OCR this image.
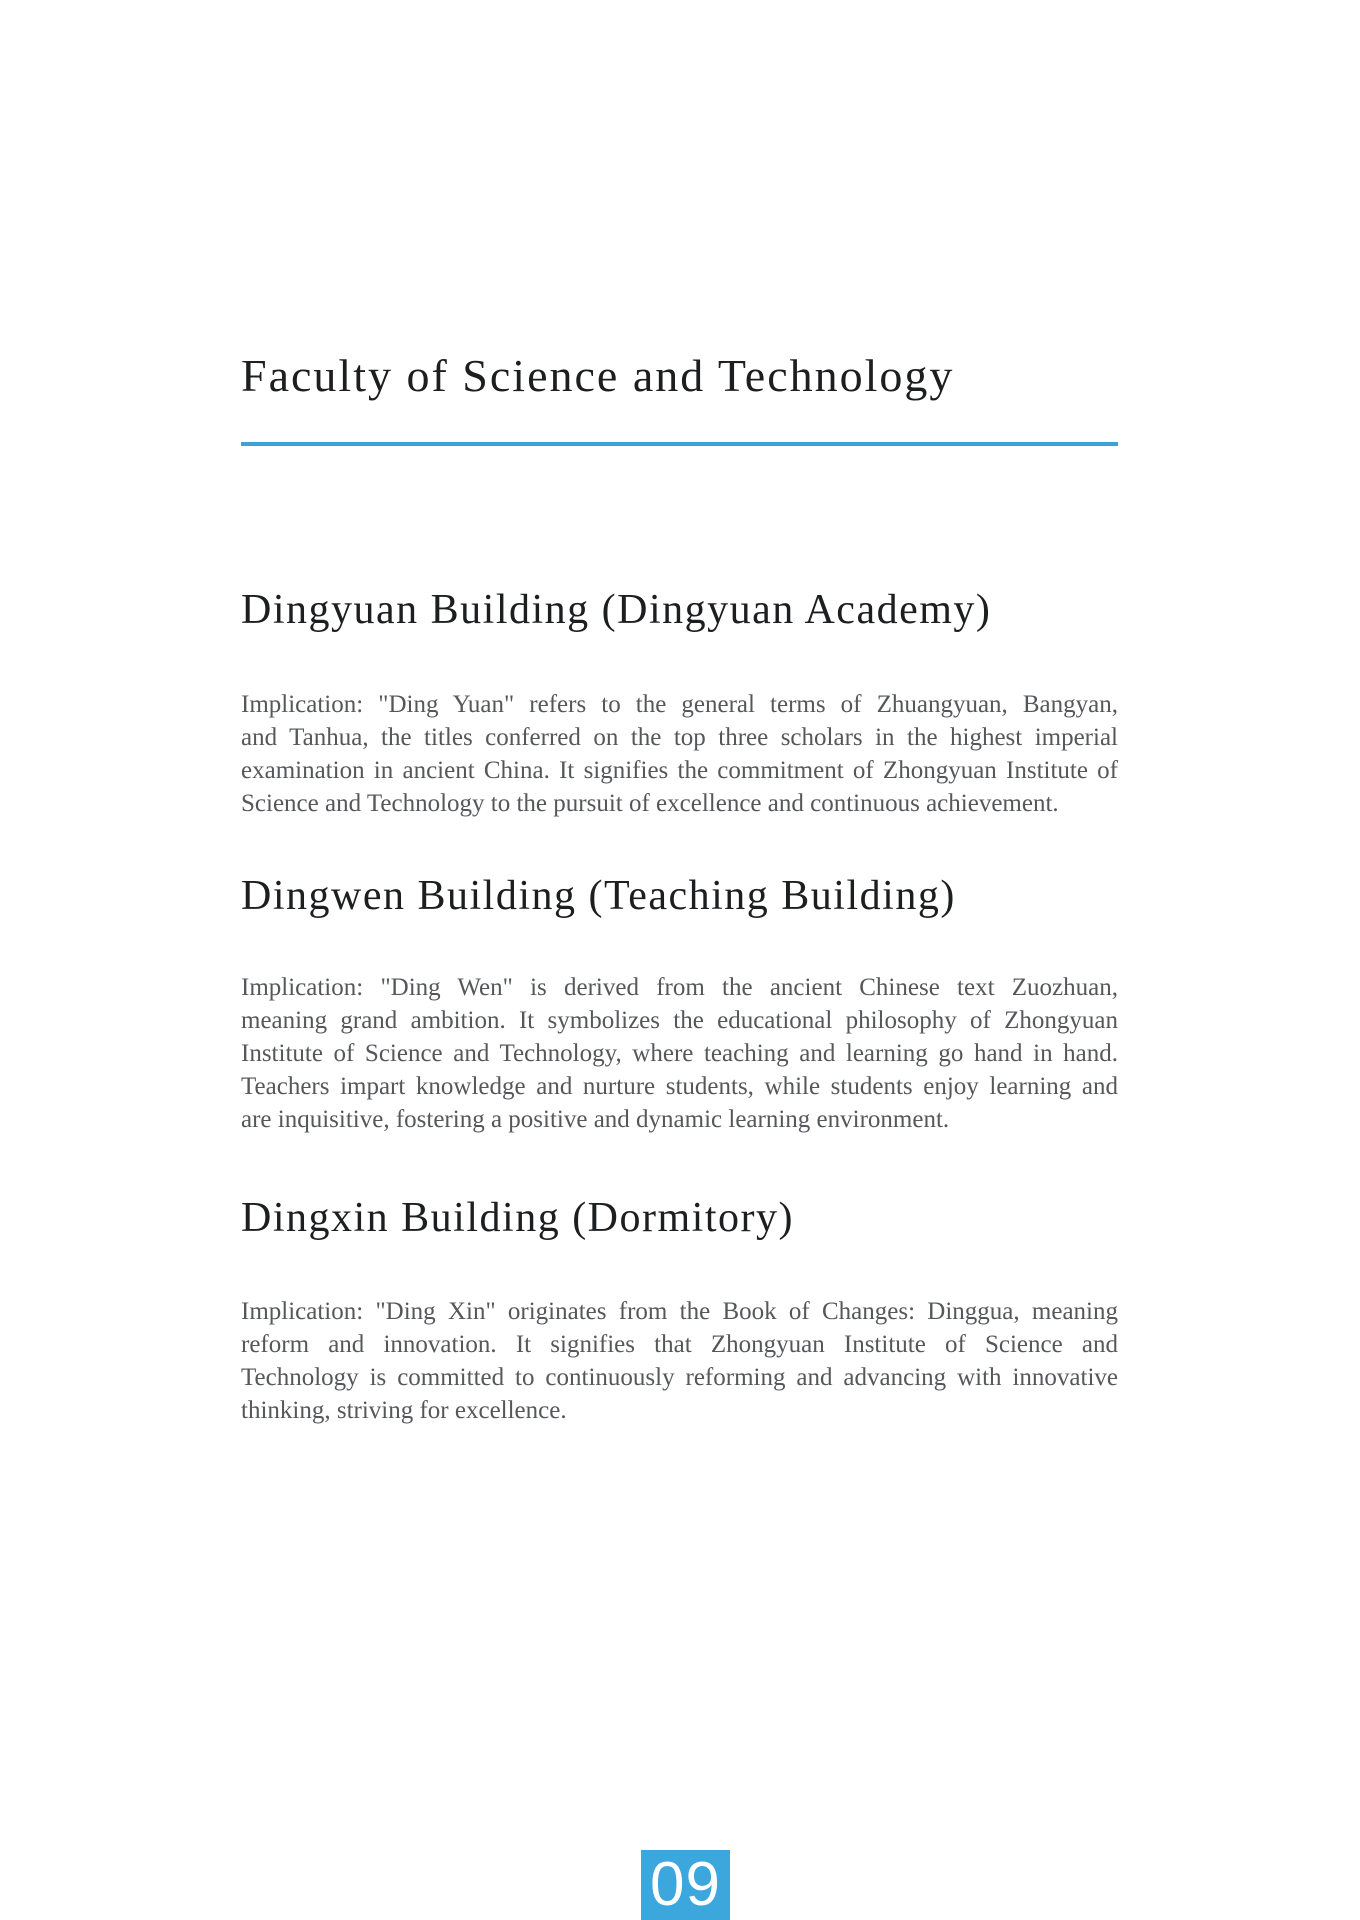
Faculty of Science and Technology
Dingyuan Building (Dingyuan Academy)
Implication: "Ding Yuan" refers to the general terms of Zhuangyuan, Bangyan,
and Tanhua, the titles conferred on the top three scholars in the highest imperial
examination in ancient China. It signifies the commitment of Zhongyuan Institute of
Science and Technology to the pursuit of excellence and continuous achievement.
Dingwen Building (Teaching Building)
Implication: "Ding Wen" is derived from the ancient Chinese text Zuozhuan,
meaning grand ambition. It symbolizes the educational philosophy of Zhongyuan
Institute of Science and Technology, where teaching and learning go hand in hand.
Teachers impart knowledge and nurture students, while students enjoy learning and
are inquisitive, fostering a positive and dynamic learning environment.
Dingxin Building (Dormitory)
Implication: "Ding Xin" originates from the Book of Changes: Dinggua, meaning
reform and innovation. It signifies that Zhongyuan Institute of Science and
Technology is committed to continuously reforming and advancing with innovative
thinking, striving for excellence.
09
